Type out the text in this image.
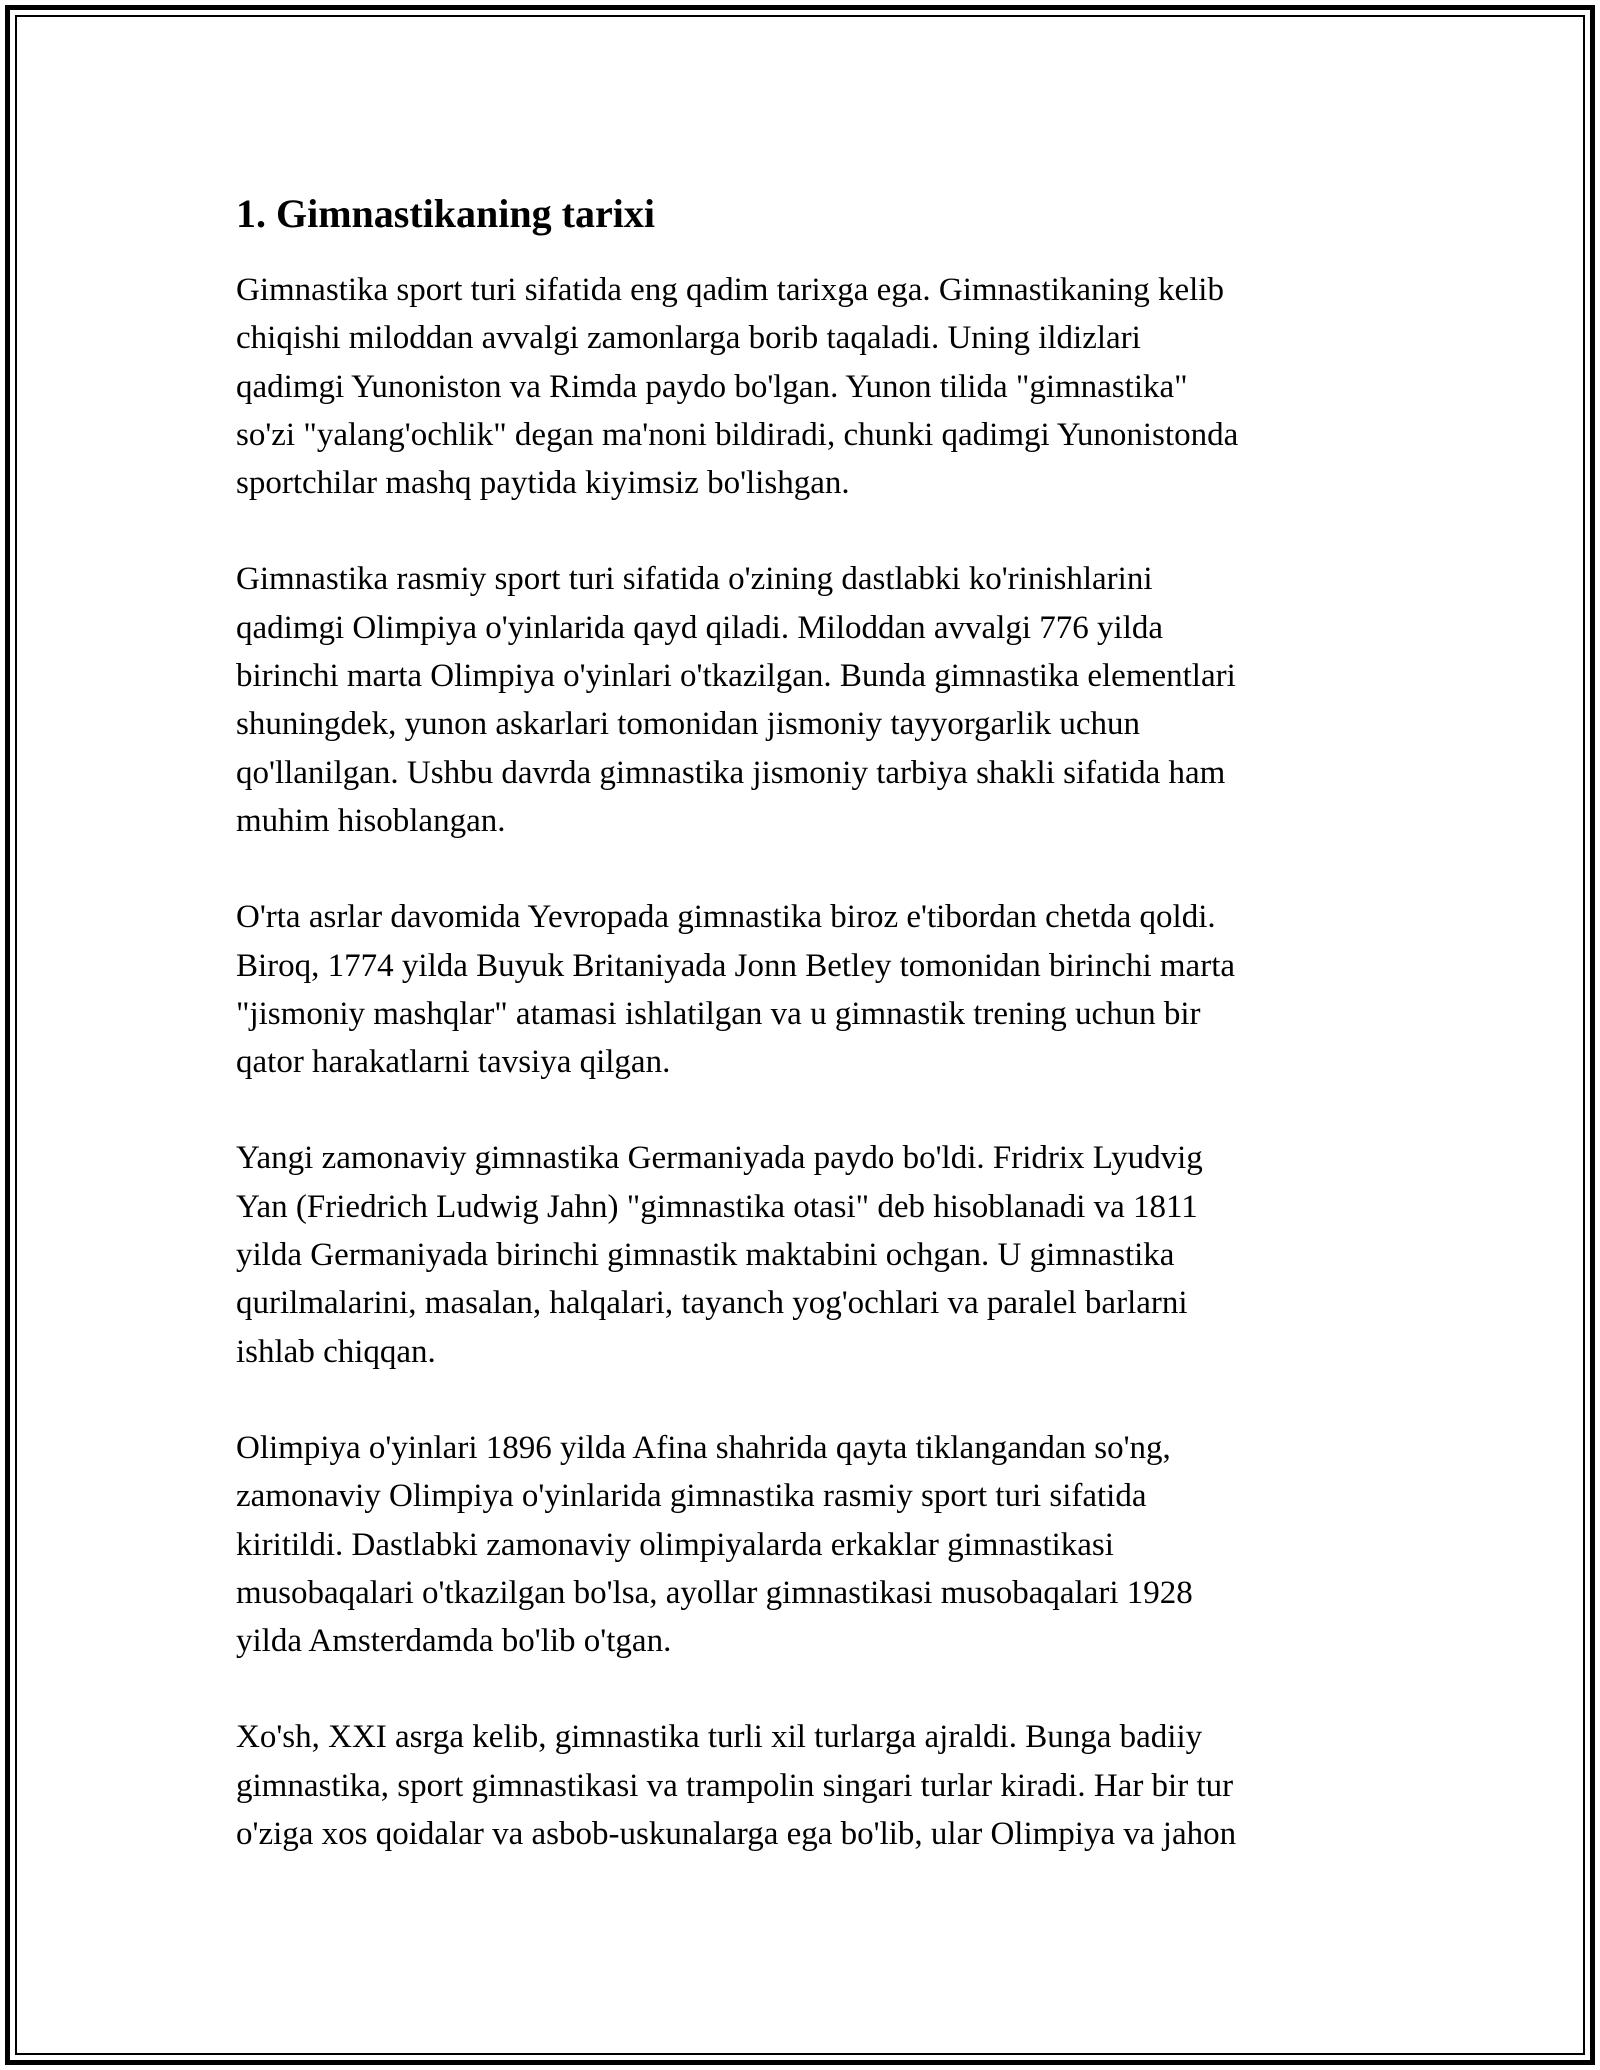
1. Gimnastikaning tarixi

Gimnastika sport turi sifatida eng qadim tarixga ega. Gimnastikaning kelib
chiqishi miloddan avvalgi zamonlarga borib taqaladi. Uning ildizlari
qadimgi Yunoniston va Rimda paydo bo'lgan. Yunon tilida "gimnastika"
so'zi "yalang'ochlik" degan ma'noni bildiradi, chunki qadimgi Yunonistonda
sportchilar mashq paytida kiyimsiz bo'lishgan.

Gimnastika rasmiy sport turi sifatida o'zining dastlabki ko'rinishlarini
qadimgi Olimpiya o'yinlarida qayd qiladi. Miloddan avvalgi 776 yilda
birinchi marta Olimpiya o'yinlari o'tkazilgan. Bunda gimnastika elementlari
shuningdek, yunon askarlari tomonidan jismoniy tayyorgarlik uchun
qo'llanilgan. Ushbu davrda gimnastika jismoniy tarbiya shakli sifatida ham
muhim hisoblangan.

O'rta asrlar davomida Yevropada gimnastika biroz e'tibordan chetda qoldi.
Biroq, 1774 yilda Buyuk Britaniyada Jonn Betley tomonidan birinchi marta
"jismoniy mashqlar" atamasi ishlatilgan va u gimnastik trening uchun bir
qator harakatlarni tavsiya qilgan.

Yangi zamonaviy gimnastika Germaniyada paydo bo'ldi. Fridrix Lyudvig
Yan (Friedrich Ludwig Jahn) "gimnastika otasi" deb hisoblanadi va 1811
yilda Germaniyada birinchi gimnastik maktabini ochgan. U gimnastika
qurilmalarini, masalan, halqalari, tayanch yog'ochlari va paralel barlarni
ishlab chiqqan.

Olimpiya o'yinlari 1896 yilda Afina shahrida qayta tiklangandan so'ng,
zamonaviy Olimpiya o'yinlarida gimnastika rasmiy sport turi sifatida
kiritildi. Dastlabki zamonaviy olimpiyalarda erkaklar gimnastikasi
musobaqalari o'tkazilgan bo'lsa, ayollar gimnastikasi musobaqalari 1928
yilda Amsterdamda bo'lib o'tgan.

Xo'sh, XXI asrga kelib, gimnastika turli xil turlarga ajraldi. Bunga badiiy
gimnastika, sport gimnastikasi va trampolin singari turlar kiradi. Har bir tur
o'ziga xos qoidalar va asbob-uskunalarga ega bo'lib, ular Olimpiya va jahon
